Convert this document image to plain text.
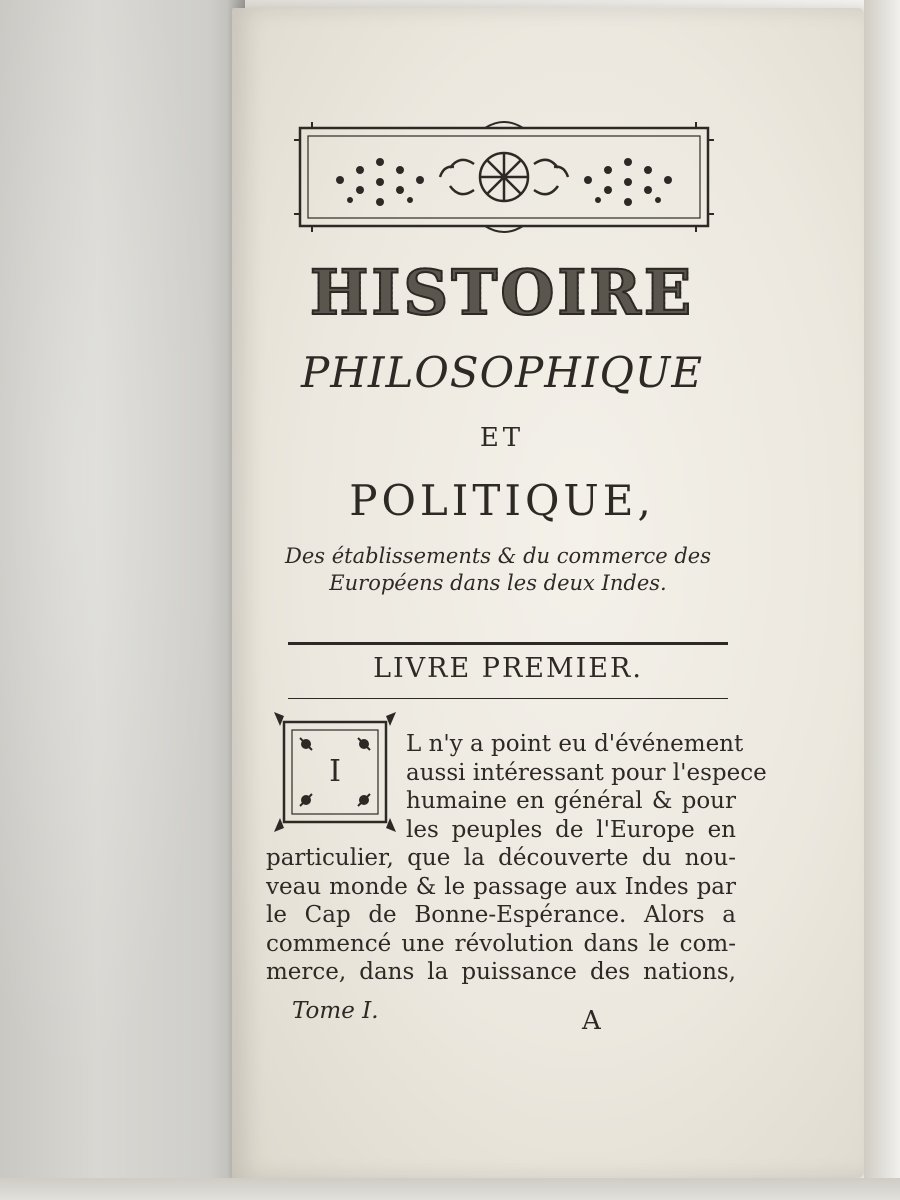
HISTOIRE
PHILOSOPHIQUE
ET
POLITIQUE,
Des établissements & du commerce des
Européens dans les deux Indes.
LIVRE PREMIER.
I
L n'y a point eu d'événement
aussi intéressant pour l'espece
humaine en général & pour
les peuples de l'Europe en
particulier, que la découverte du nou-
veau monde & le passage aux Indes par
le Cap de Bonne-Espérance. Alors a
commencé une révolution dans le com-
merce, dans la puissance des nations,
Tome I.	A
